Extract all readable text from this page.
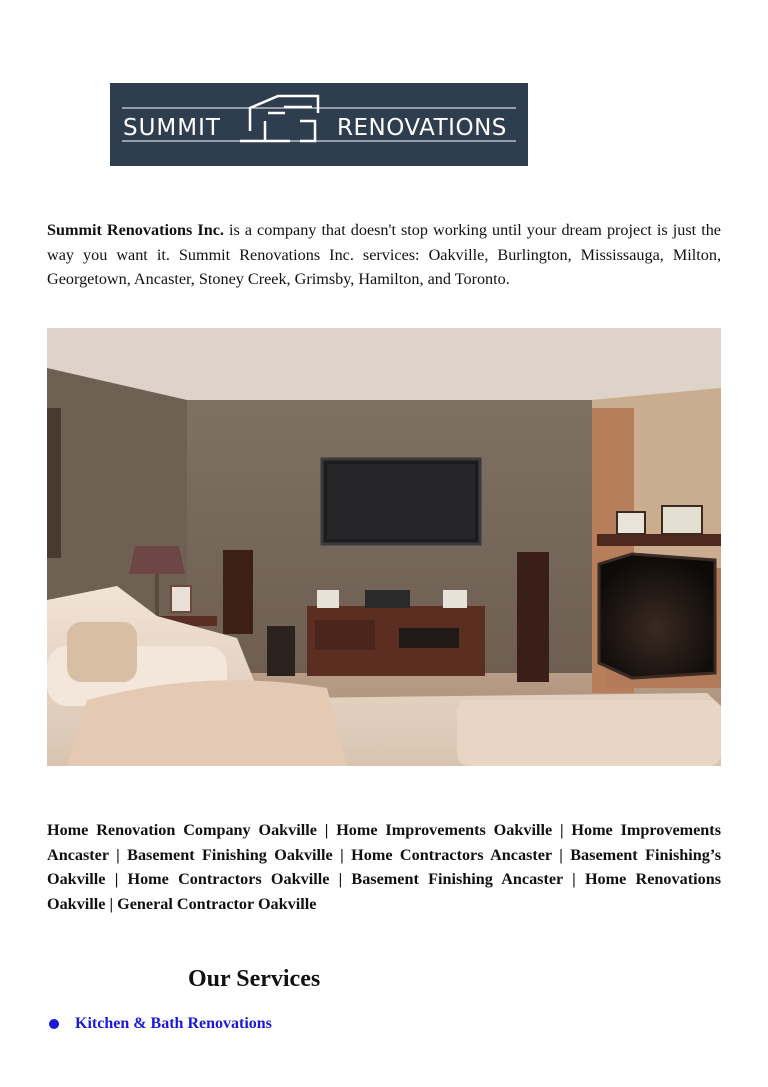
SUMMIT	RENOVATIONS

Summit Renovations Inc. is a company that doesn't stop working until your dream project is just the way you want it. Summit Renovations Inc. services: Oakville, Burlington, Mississauga, Milton, Georgetown, Ancaster, Stoney Creek, Grimsby, Hamilton, and Toronto.

Home Renovation Company Oakville | Home Improvements Oakville | Home Improvements Ancaster | Basement Finishing Oakville | Home Contractors Ancaster | Basement Finishing’s Oakville | Home Contractors Oakville | Basement Finishing Ancaster | Home Renovations Oakville | General Contractor Oakville

Our Services
Kitchen & Bath Renovations
